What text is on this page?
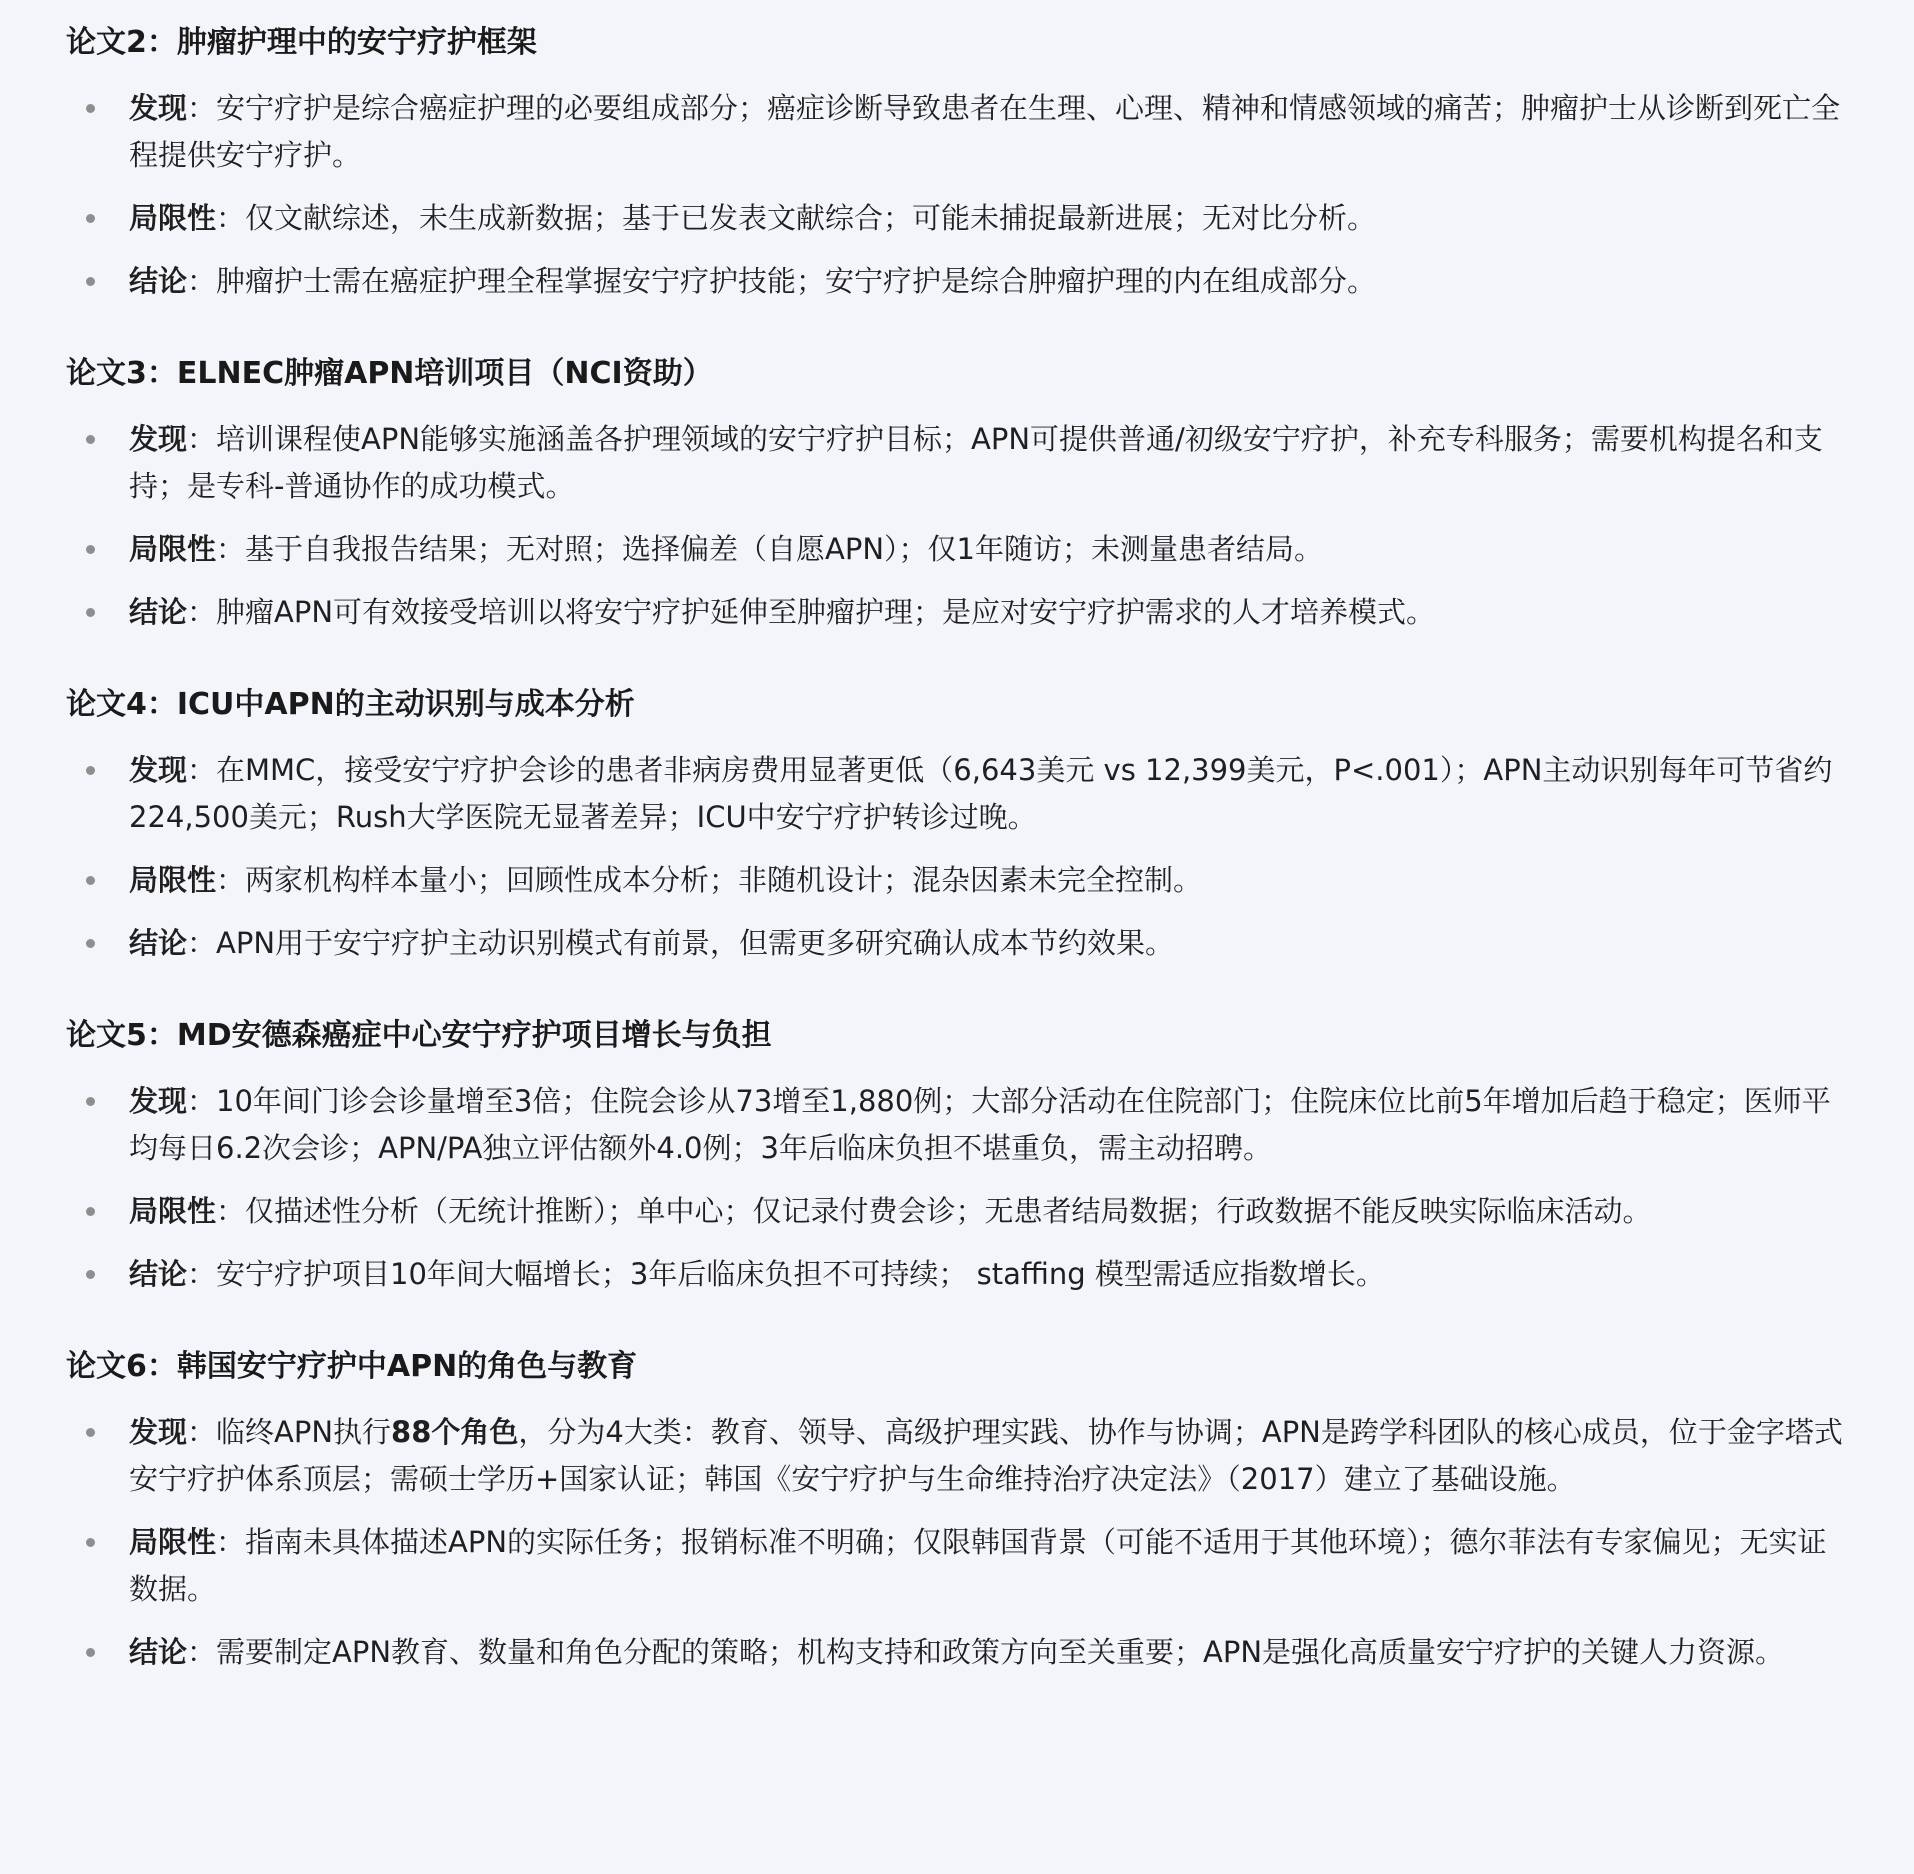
论文2：肿瘤护理中的安宁疗护框架
发现：安宁疗护是综合癌症护理的必要组成部分；癌症诊断导致患者在生理、心理、精神和情感领域的痛苦；肿瘤护士从诊断到死亡全程提供安宁疗护。
局限性：仅文献综述，未生成新数据；基于已发表文献综合；可能未捕捉最新进展；无对比分析。
结论：肿瘤护士需在癌症护理全程掌握安宁疗护技能；安宁疗护是综合肿瘤护理的内在组成部分。
论文3：ELNEC肿瘤APN培训项目（NCI资助）
发现：培训课程使APN能够实施涵盖各护理领域的安宁疗护目标；APN可提供普通/初级安宁疗护，补充专科服务；需要机构提名和支持；是专科-普通协作的成功模式。
局限性：基于自我报告结果；无对照；选择偏差（自愿APN）；仅1年随访；未测量患者结局。
结论：肿瘤APN可有效接受培训以将安宁疗护延伸至肿瘤护理；是应对安宁疗护需求的人才培养模式。
论文4：ICU中APN的主动识别与成本分析
发现：在MMC，接受安宁疗护会诊的患者非病房费用显著更低（6,643美元 vs 12,399美元，P<.001）；APN主动识别每年可节省约224,500美元；Rush大学医院无显著差异；ICU中安宁疗护转诊过晚。
局限性：两家机构样本量小；回顾性成本分析；非随机设计；混杂因素未完全控制。
结论：APN用于安宁疗护主动识别模式有前景，但需更多研究确认成本节约效果。
论文5：MD安德森癌症中心安宁疗护项目增长与负担
发现：10年间门诊会诊量增至3倍；住院会诊从73增至1,880例；大部分活动在住院部门；住院床位比前5年增加后趋于稳定；医师平均每日6.2次会诊；APN/PA独立评估额外4.0例；3年后临床负担不堪重负，需主动招聘。
局限性：仅描述性分析（无统计推断）；单中心；仅记录付费会诊；无患者结局数据；行政数据不能反映实际临床活动。
结论：安宁疗护项目10年间大幅增长；3年后临床负担不可持续； staffing 模型需适应指数增长。
论文6：韩国安宁疗护中APN的角色与教育
发现：临终APN执行88个角色，分为4大类：教育、领导、高级护理实践、协作与协调；APN是跨学科团队的核心成员，位于金字塔式安宁疗护体系顶层；需硕士学历+国家认证；韩国《安宁疗护与生命维持治疗决定法》（2017）建立了基础设施。
局限性：指南未具体描述APN的实际任务；报销标准不明确；仅限韩国背景（可能不适用于其他环境）；德尔菲法有专家偏见；无实证数据。
结论：需要制定APN教育、数量和角色分配的策略；机构支持和政策方向至关重要；APN是强化高质量安宁疗护的关键人力资源。
